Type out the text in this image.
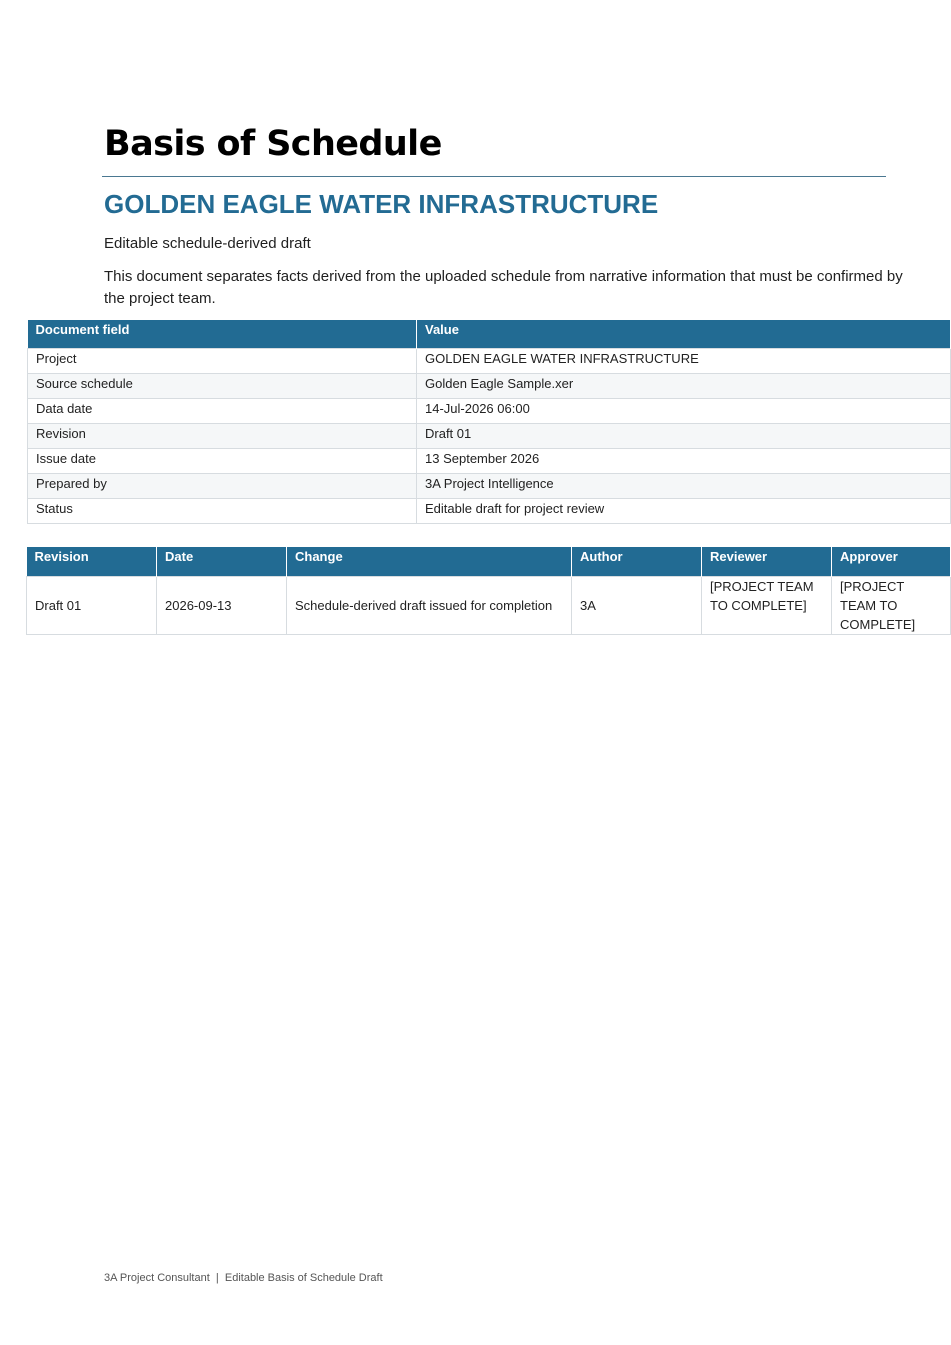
Basis of Schedule
GOLDEN EAGLE WATER INFRASTRUCTURE
Editable schedule-derived draft
This document separates facts derived from the uploaded schedule from narrative information that must be confirmed by the project team.
Document field	Value
Project	GOLDEN EAGLE WATER INFRASTRUCTURE
Source schedule	Golden Eagle Sample.xer
Data date	14-Jul-2026 06:00
Revision	Draft 01
Issue date	13 September 2026
Prepared by	3A Project Intelligence
Status	Editable draft for project review
Revision	Date	Change	Author	Reviewer	Approver
Draft 01	2026-09-13	Schedule-derived draft issued for completion	3A	[PROJECT TEAM TO COMPLETE]	[PROJECT TEAM TO COMPLETE]
3A Project Consultant  |  Editable Basis of Schedule Draft
